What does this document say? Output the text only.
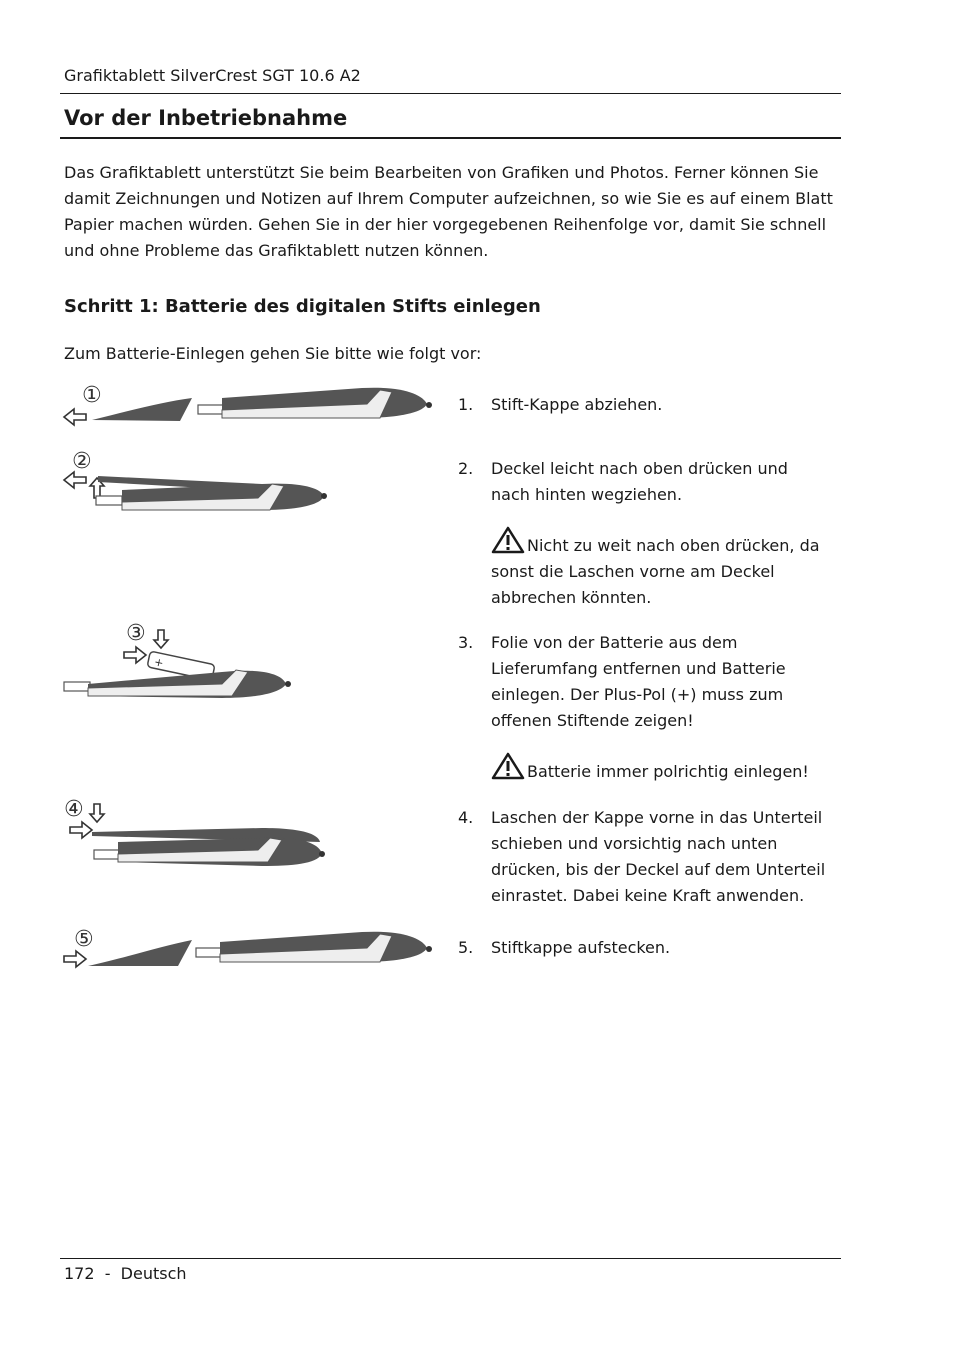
Grafiktablett SilverCrest SGT 10.6 A2
Vor der Inbetriebnahme
Das Grafiktablett unterstützt Sie beim Bearbeiten von Grafiken und Photos. Ferner können Sie damit Zeichnungen und Notizen auf Ihrem Computer aufzeichnen, so wie Sie es auf einem Blatt Papier machen würden. Gehen Sie in der hier vorgegebenen Reihenfolge vor, damit Sie schnell und ohne Probleme das Grafiktablett nutzen können.
Schritt 1: Batterie des digitalen Stifts einlegen
Zum Batterie-Einlegen gehen Sie bitte wie folgt vor:
①
②
③
+
④
⑤
1.	Stift-Kappe abziehen.
2.	Deckel leicht nach oben drücken und nach hinten wegziehen.
Nicht zu weit nach oben drücken, da sonst die Laschen vorne am Deckel abbrechen könnten.
3.	Folie von der Batterie aus dem Lieferumfang entfernen und Batterie einlegen. Der Plus-Pol (+) muss zum offenen Stiftende zeigen!
Batterie immer polrichtig einlegen!
4.	Laschen der Kappe vorne in das Unterteil schieben und vorsichtig nach unten drücken, bis der Deckel auf dem Unterteil einrastet. Dabei keine Kraft anwenden.
5.	Stiftkappe aufstecken.
172  -  Deutsch
